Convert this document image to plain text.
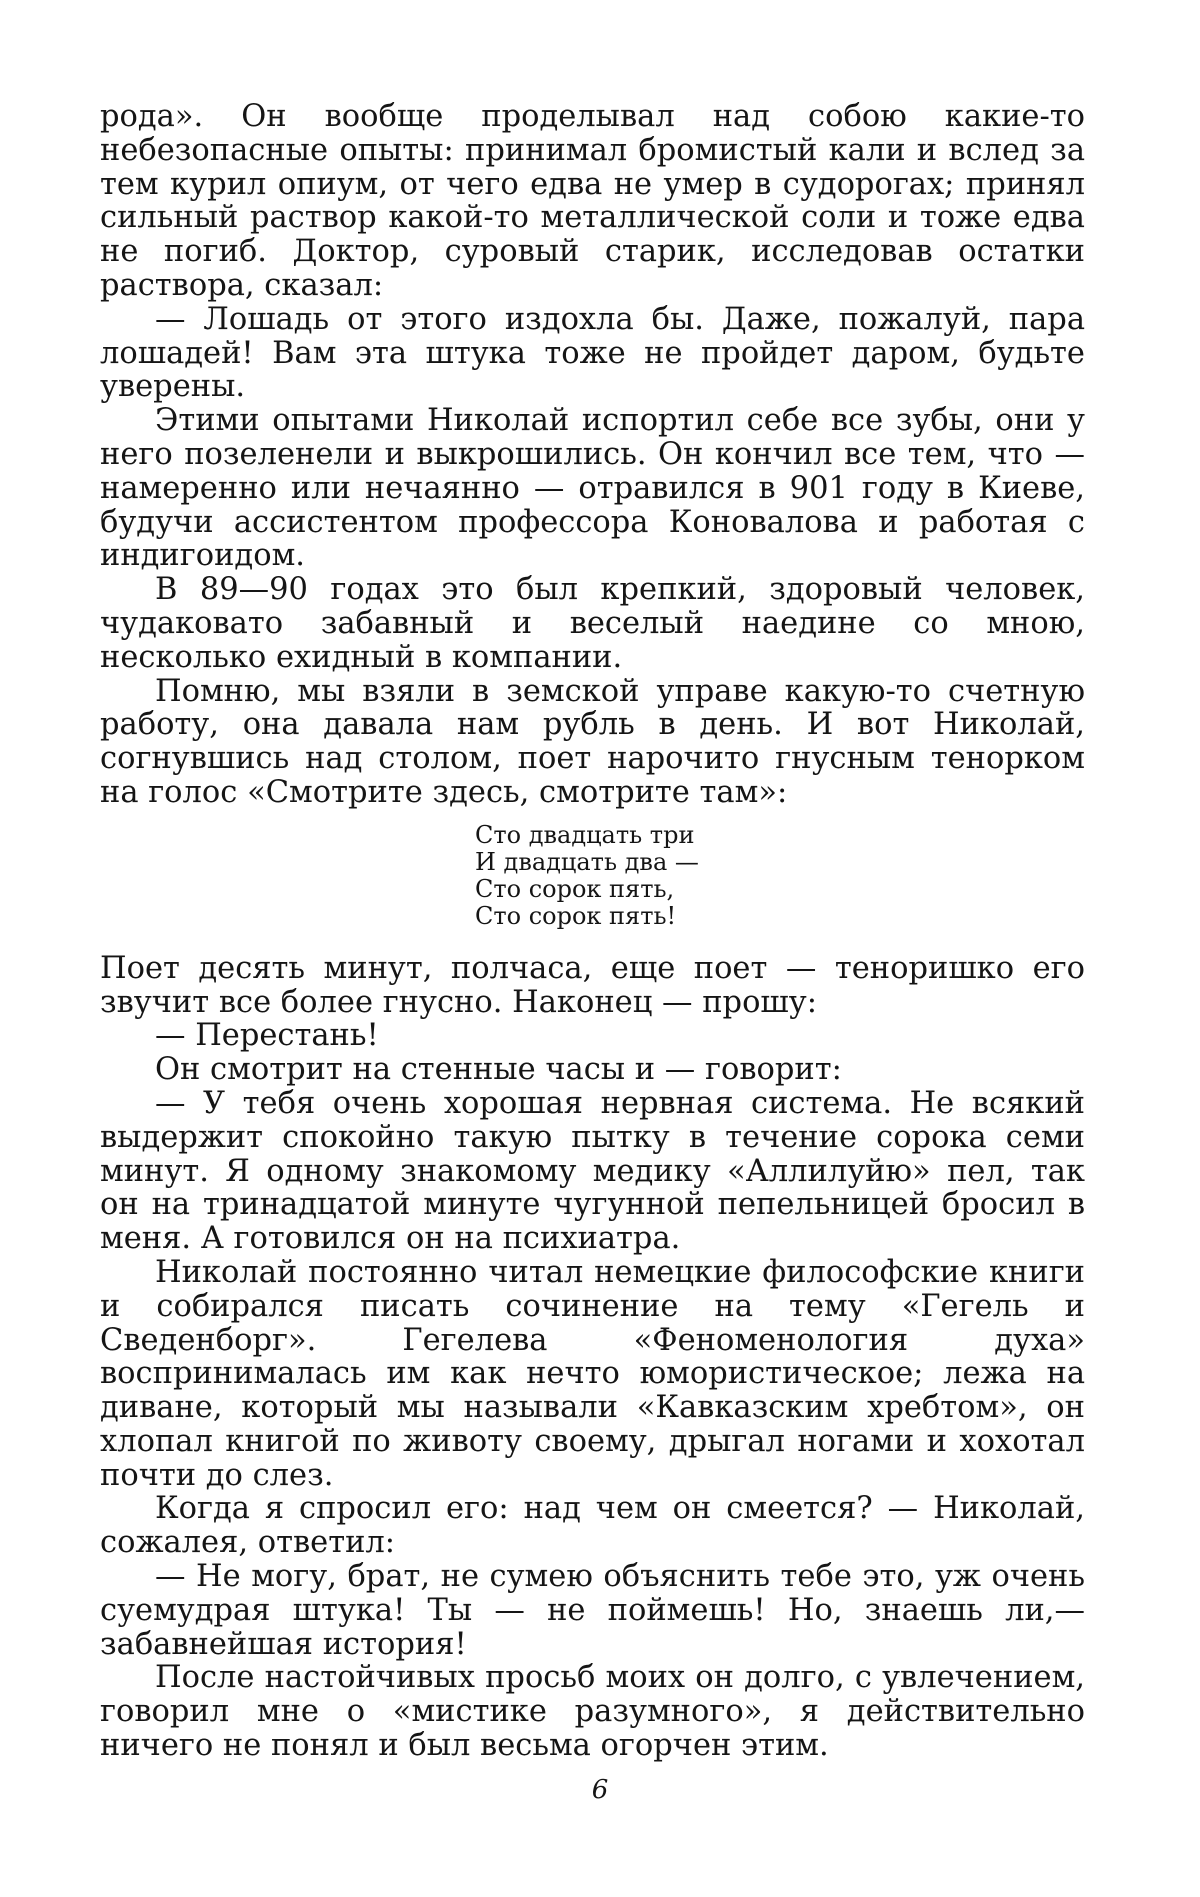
рода». Он вообще проделывал над собою какие-то небезопасные опыты: принимал бромистый кали и вслед за тем курил опиум, от чего едва не умер в судорогах; принял сильный раствор какой-то металлической соли и тоже едва не погиб. Доктор, суровый старик, исследовав остатки раствора, сказал:

— Лошадь от этого издохла бы. Даже, пожалуй, пара лошадей! Вам эта штука тоже не пройдет даром, будьте уверены.

Этими опытами Николай испортил себе все зубы, они у него позеленели и выкрошились. Он кончил все тем, что — намеренно или нечаянно — отравился в 901 году в Киеве, будучи ассистентом профессора Коновалова и работая с индигоидом.

В 89—90 годах это был крепкий, здоровый человек, чудаковато забавный и веселый наедине со мною, несколько ехидный в компании.

Помню, мы взяли в земской управе какую-то счетную работу, она давала нам рубль в день. И вот Николай, согнувшись над столом, поет нарочито гнусным тенорком на голос «Смотрите здесь, смотрите там»:

Сто двадцать три
И двадцать два —
Сто сорок пять,
Сто сорок пять!

Поет десять минут, полчаса, еще поет — теноришко его звучит все более гнусно. Наконец — прошу:

— Перестань!

Он смотрит на стенные часы и — говорит:

— У тебя очень хорошая нервная система. Не всякий выдержит спокойно такую пытку в течение сорока семи минут. Я одному знакомому медику «Аллилуйю» пел, так он на тринадцатой минуте чугунной пепельницей бросил в меня. А готовился он на психиатра.

Николай постоянно читал немецкие философские книги и собирался писать сочинение на тему «Гегель и Сведенборг». Гегелева «Феноменология духа» воспринималась им как нечто юмористическое; лежа на диване, который мы называли «Кавказским хребтом», он хлопал книгой по животу своему, дрыгал ногами и хохотал почти до слез.

Когда я спросил его: над чем он смеется? — Николай, сожалея, ответил:

— Не могу, брат, не сумею объяснить тебе это, уж очень суемудрая штука! Ты — не поймешь! Но, знаешь ли,— забавнейшая история!

После настойчивых просьб моих он долго, с увлечением, говорил мне о «мистике разумного», я действительно ничего не понял и был весьма огорчен этим.

6
